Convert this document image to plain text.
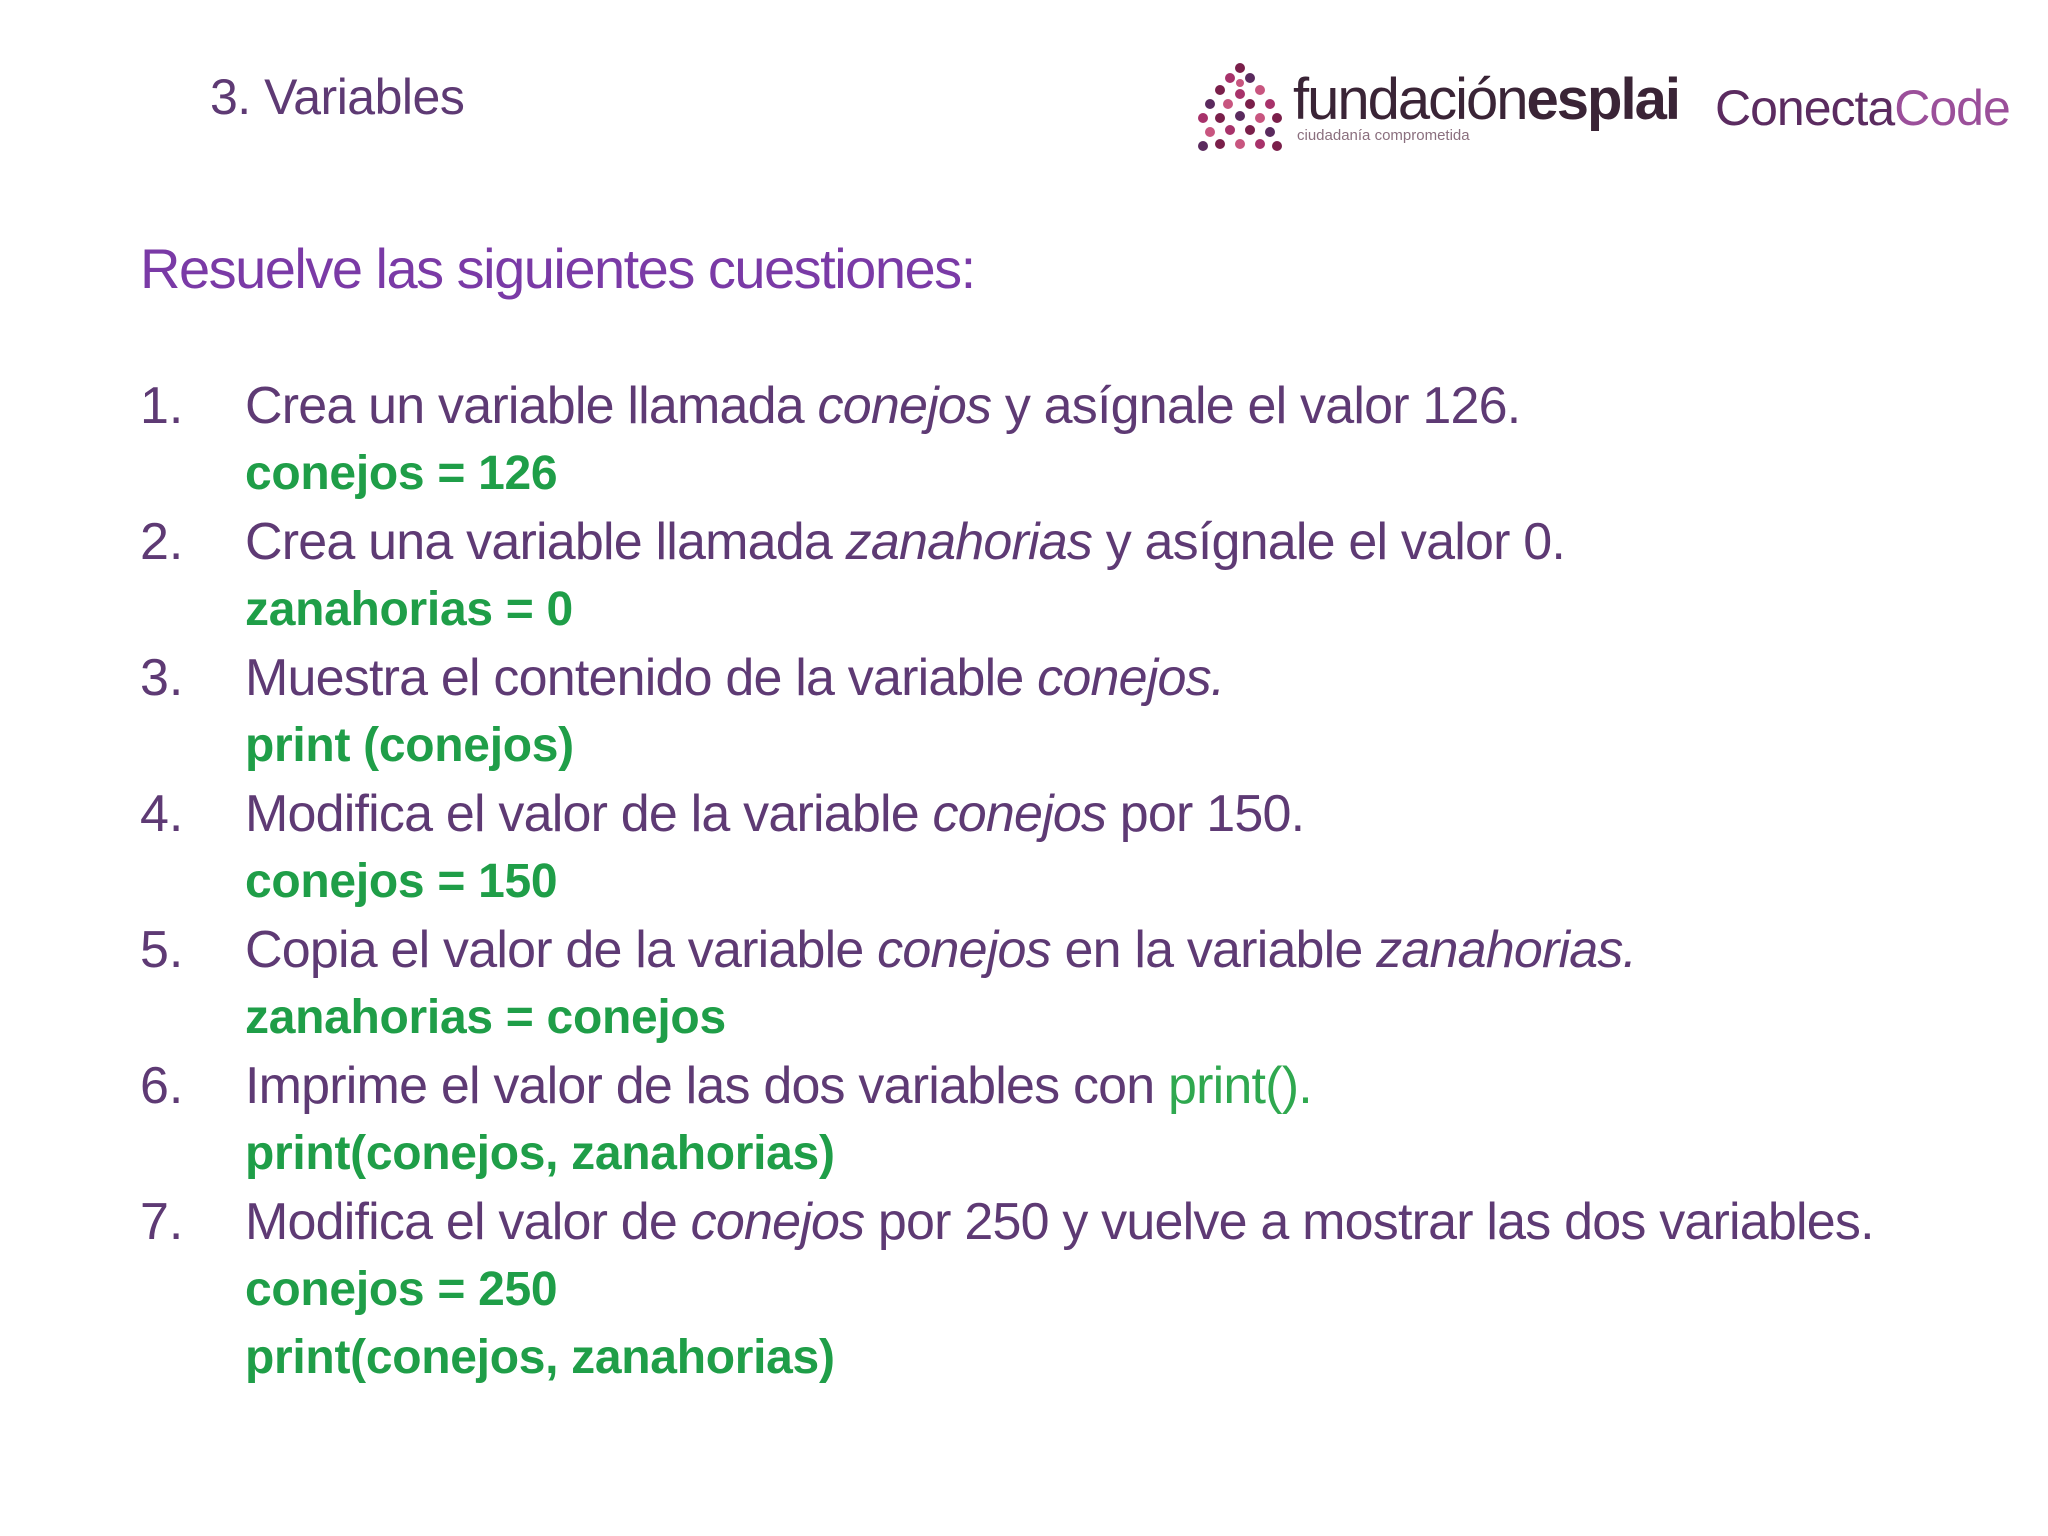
3. Variables	fundaciónesplai
ciudadanía comprometida	ConectaCode
Resuelve las siguientes cuestiones:
1. Crea un variable llamada conejos y asígnale el valor 126.
conejos = 126
2. Crea una variable llamada zanahorias y asígnale el valor 0.
zanahorias = 0
3. Muestra el contenido de la variable conejos.
print (conejos)
4. Modifica el valor de la variable conejos por 150.
conejos = 150
5. Copia el valor de la variable conejos en la variable zanahorias.
zanahorias = conejos
6. Imprime el valor de las dos variables con print().
print(conejos, zanahorias)
7. Modifica el valor de conejos por 250 y vuelve a mostrar las dos variables.
conejos = 250
print(conejos, zanahorias)
